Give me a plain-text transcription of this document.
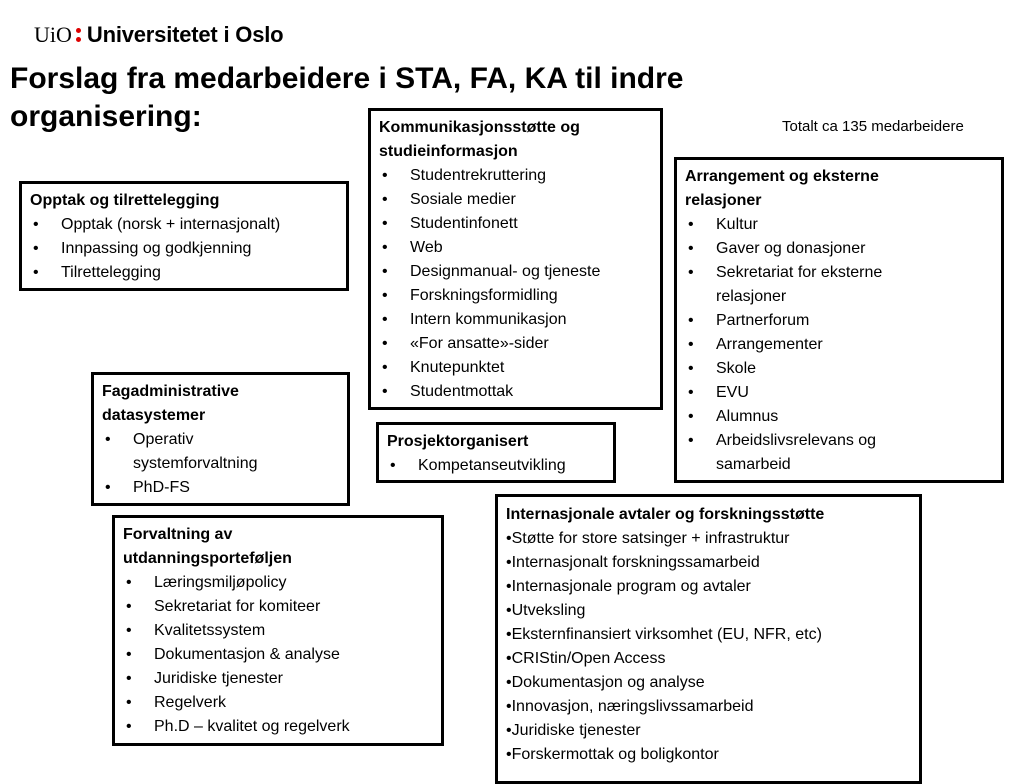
UiO Universitetet i Oslo
Forslag fra medarbeidere i STA, FA, KA til indre organisering:	Totalt ca 135 medarbeidere
Opptak og tilrettelegging
• Opptak (norsk + internasjonalt)
• Innpassing og godkjenning
• Tilrettelegging
Kommunikasjonsstøtte og studieinformasjon
• Studentrekruttering
• Sosiale medier
• Studentinfonett
• Web
• Designmanual- og tjeneste
• Forskningsformidling
• Intern kommunikasjon
• «For ansatte»-sider
• Knutepunktet
• Studentmottak
Arrangement og eksterne relasjoner
• Kultur
• Gaver og donasjoner
• Sekretariat for eksterne relasjoner
• Partnerforum
• Arrangementer
• Skole
• EVU
• Alumnus
• Arbeidslivsrelevans og samarbeid
Fagadministrative datasystemer
• Operativ systemforvaltning
• PhD-FS
Prosjektorganisert
• Kompetanseutvikling
Forvaltning av utdanningsporteføljen
• Læringsmiljøpolicy
• Sekretariat for komiteer
• Kvalitetssystem
• Dokumentasjon & analyse
• Juridiske tjenester
• Regelverk
• Ph.D – kvalitet og regelverk
Internasjonale avtaler og forskningsstøtte
• Støtte for store satsinger + infrastruktur
• Internasjonalt forskningssamarbeid
• Internasjonale program og avtaler
• Utveksling
• Eksternfinansiert virksomhet (EU, NFR, etc)
• CRIStin/Open Access
• Dokumentasjon og analyse
• Innovasjon, næringslivssamarbeid
• Juridiske tjenester
• Forskermottak og boligkontor
